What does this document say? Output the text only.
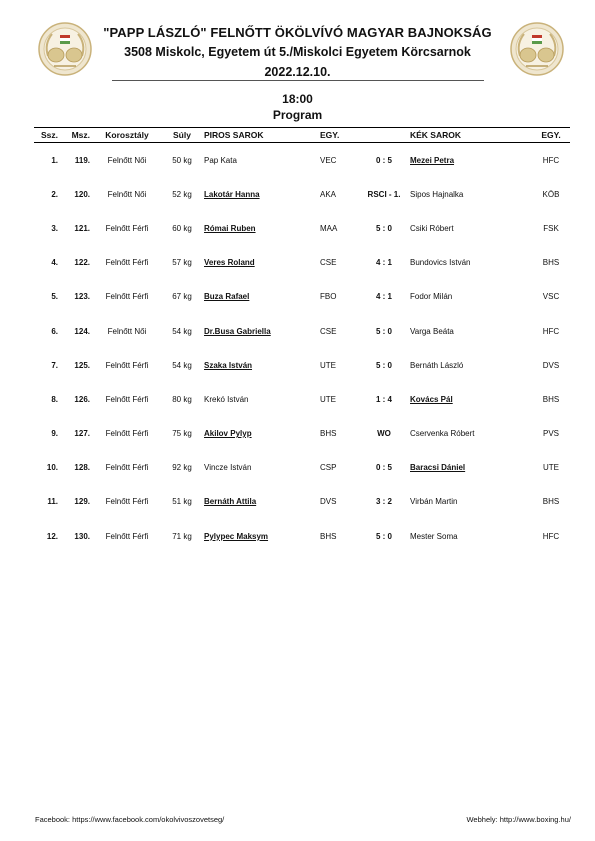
"PAPP LÁSZLÓ" FELNŐTT ÖKÖLVÍVÓ MAGYAR BAJNOKSÁG
3508 Miskolc, Egyetem út 5./Miskolci Egyetem Körcsarnok
2022.12.10.
18:00
Program
Ssz.	Msz.	Korosztály	Súly	PIROS SAROK	EGY.		KÉK SAROK	EGY.
1.	119.	Felnőtt Női	50 kg	Pap Kata	VEC	0 : 5	Mezei Petra	HFC
2.	120.	Felnőtt Női	52 kg	Lakotár Hanna	AKA	RSCI - 1.	Sipos Hajnalka	KÖB
3.	121.	Felnőtt Férfi	60 kg	Római Ruben	MAA	5 : 0	Csiki Róbert	FSK
4.	122.	Felnőtt Férfi	57 kg	Veres Roland	CSE	4 : 1	Bundovics István	BHS
5.	123.	Felnőtt Férfi	67 kg	Buza Rafael	FBO	4 : 1	Fodor Milán	VSC
6.	124.	Felnőtt Női	54 kg	Dr.Busa Gabriella	CSE	5 : 0	Varga Beáta	HFC
7.	125.	Felnőtt Férfi	54 kg	Szaka István	UTE	5 : 0	Bernáth László	DVS
8.	126.	Felnőtt Férfi	80 kg	Krekó István	UTE	1 : 4	Kovács Pál	BHS
9.	127.	Felnőtt Férfi	75 kg	Akilov Pylyp	BHS	WO	Cservenka Róbert	PVS
10.	128.	Felnőtt Férfi	92 kg	Vincze István	CSP	0 : 5	Baracsi Dániel	UTE
11.	129.	Felnőtt Férfi	51 kg	Bernáth Attila	DVS	3 : 2	Virbán Martin	BHS
12.	130.	Felnőtt Férfi	71 kg	Pylypec Maksym	BHS	5 : 0	Mester Soma	HFC
Facebook: https://www.facebook.com/okolvivoszovetseg/	Webhely: http://www.boxing.hu/
